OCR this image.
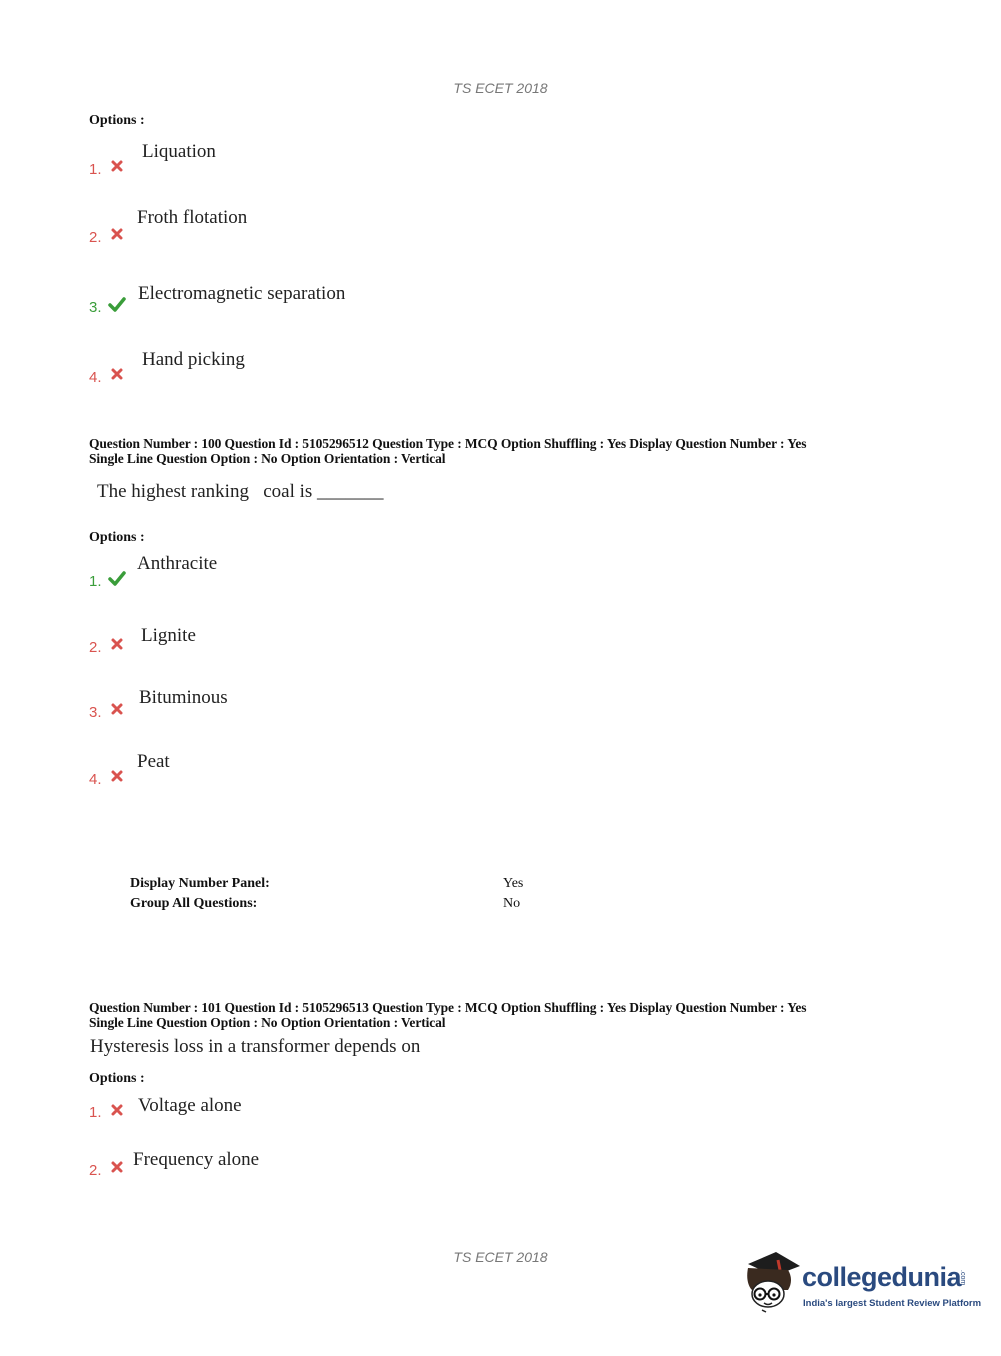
TS ECET 2018
Options :
1.
Liquation
2.
Froth flotation
3.
Electromagnetic separation
4.
Hand picking
Question Number : 100 Question Id : 5105296512 Question Type : MCQ Option Shuffling : Yes Display Question Number : Yes
Single Line Question Option : No Option Orientation : Vertical
The highest ranking   coal is _______
Options :
1.
Anthracite
2.
Lignite
3.
Bituminous
4.
Peat
Display Number Panel:	Yes
Group All Questions:	No
Question Number : 101 Question Id : 5105296513 Question Type : MCQ Option Shuffling : Yes Display Question Number : Yes
Single Line Question Option : No Option Orientation : Vertical
Hysteresis loss in a transformer depends on
Options :
1. Voltage alone
2.
Frequency alone
TS ECET 2018
collegedunia
.com
India's largest Student Review Platform
